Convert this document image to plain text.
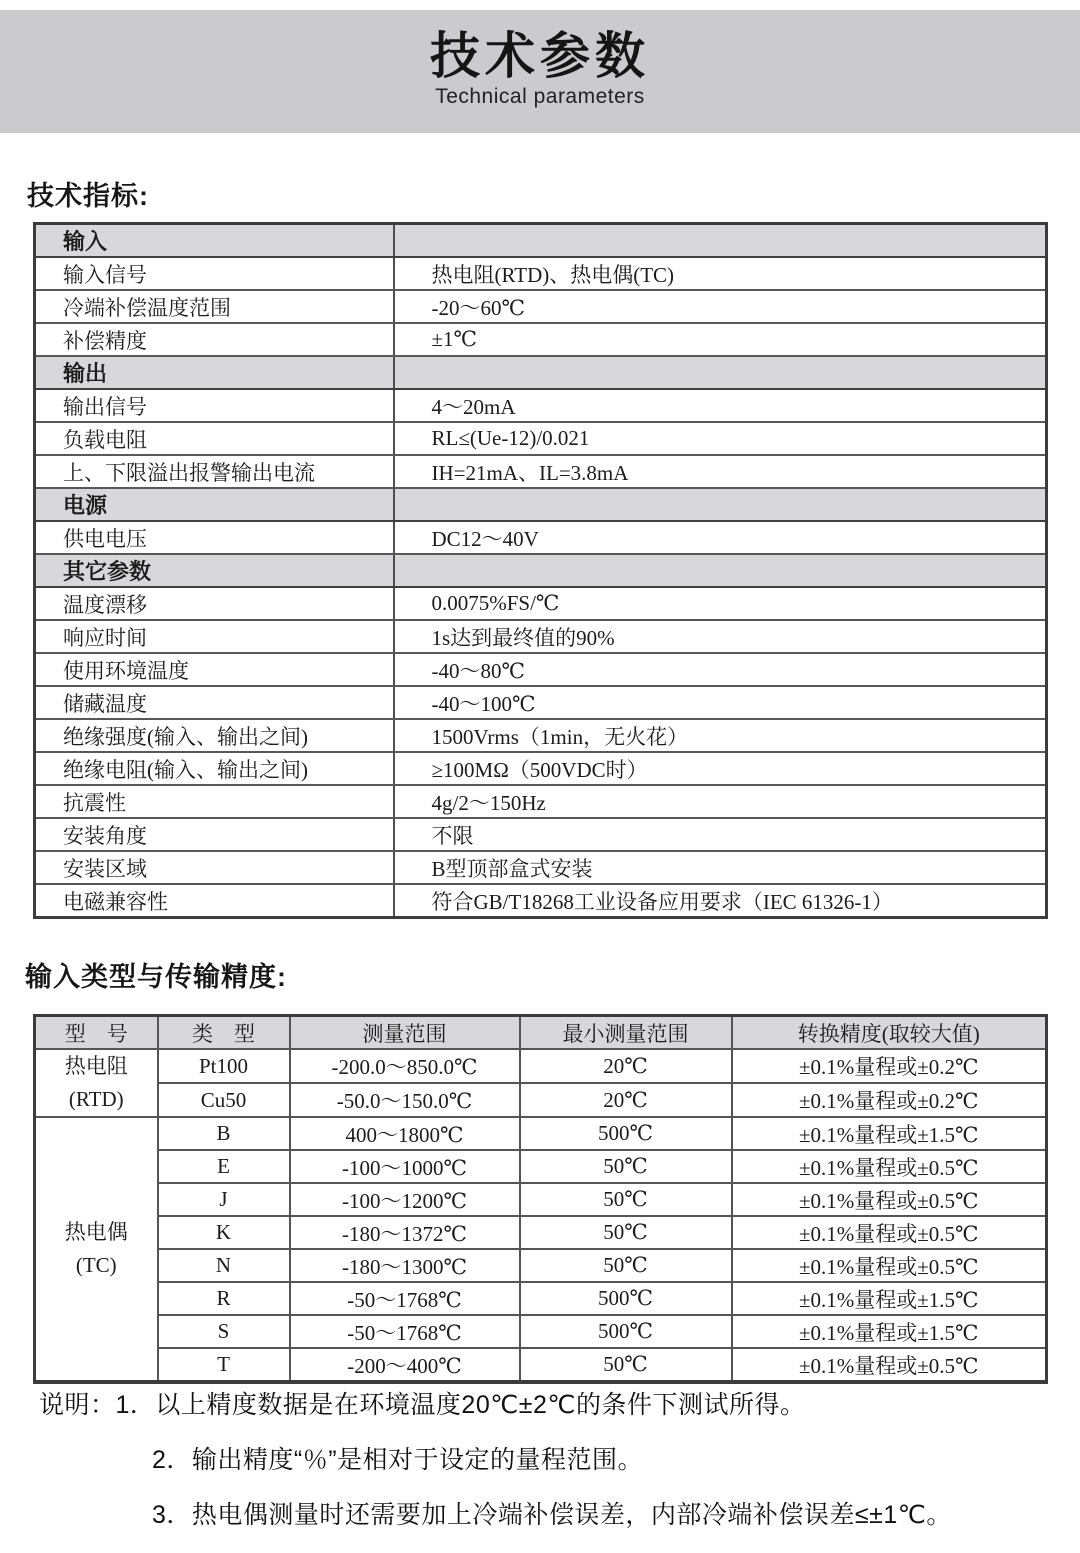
技术参数
Technical parameters
技术指标:
输入	
输入信号	热电阻(RTD)、热电偶(TC)
冷端补偿温度范围	-20～60℃
补偿精度	±1℃
输出	
输出信号	4～20mA
负载电阻	RL≤(Ue-12)/0.021
上、下限溢出报警输出电流	IH=21mA、IL=3.8mA
电源	
供电电压	DC12～40V
其它参数	
温度漂移	0.0075%FS/℃
响应时间	1s达到最终值的90%
使用环境温度	-40～80℃
储藏温度	-40～100℃
绝缘强度(输入、输出之间)	1500Vrms（1min，无火花）
绝缘电阻(输入、输出之间)	≥100MΩ（500VDC时）
抗震性	4g/2～150Hz
安装角度	不限
安装区域	B型顶部盒式安装
电磁兼容性	符合GB/T18268工业设备应用要求（IEC 61326-1）
输入类型与传输精度:
型　号	类　型	测量范围	最小测量范围	转换精度(取较大值)

热电阻
(RTD)	Pt100	-200.0～850.0℃	20℃	±0.1%量程或±0.2℃
	Cu50	-50.0～150.0℃	20℃	±0.1%量程或±0.2℃

热电偶
(TC)	B	400～1800℃	500℃	±0.1%量程或±1.5℃
	E	-100～1000℃	50℃	±0.1%量程或±0.5℃
	J	-100～1200℃	50℃	±0.1%量程或±0.5℃
	K	-180～1372℃	50℃	±0.1%量程或±0.5℃
	N	-180～1300℃	50℃	±0.1%量程或±0.5℃
	R	-50～1768℃	500℃	±0.1%量程或±1.5℃
	S	-50～1768℃	500℃	±0.1%量程或±1.5℃
	T	-200～400℃	50℃	±0.1%量程或±0.5℃

说明：1．以上精度数据是在环境温度20℃±2℃的条件下测试所得。

2．输出精度“％”是相对于设定的量程范围。

3．热电偶测量时还需要加上冷端补偿误差，内部冷端补偿误差≤±1℃。
